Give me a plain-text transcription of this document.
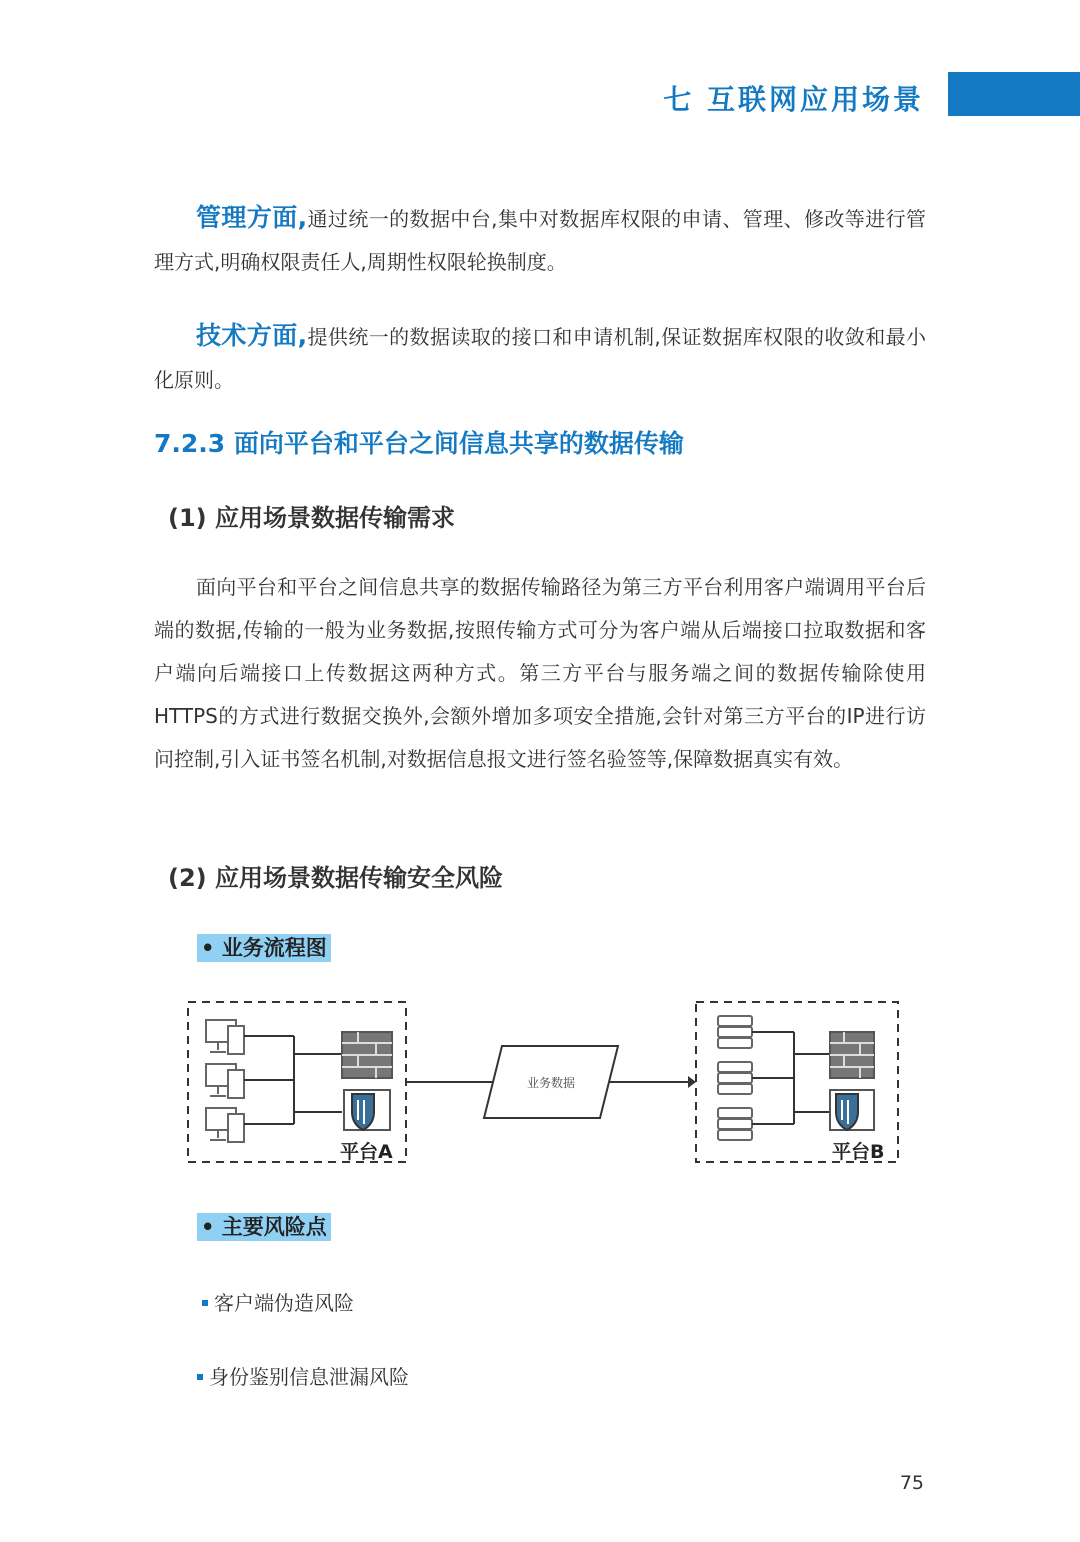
七 互联网应用场景
管理方面,通过统一的数据中台,集中对数据库权限的申请、管理、修改等进行管理方式,明确权限责任人,周期性权限轮换制度。
技术方面,提供统一的数据读取的接口和申请机制,保证数据库权限的收敛和最小化原则。
7.2.3 面向平台和平台之间信息共享的数据传输
(1) 应用场景数据传输需求
面向平台和平台之间信息共享的数据传输路径为第三方平台利用客户端调用平台后端的数据,传输的一般为业务数据,按照传输方式可分为客户端从后端接口拉取数据和客户端向后端接口上传数据这两种方式。第三方平台与服务端之间的数据传输除使用HTTPS的方式进行数据交换外,会额外增加多项安全措施,会针对第三方平台的IP进行访问控制,引入证书签名机制,对数据信息报文进行签名验签等,保障数据真实有效。
(2) 应用场景数据传输安全风险
• 业务流程图
平台A
业务数据
平台B
• 主要风险点
客户端伪造风险
身份鉴别信息泄漏风险
75
